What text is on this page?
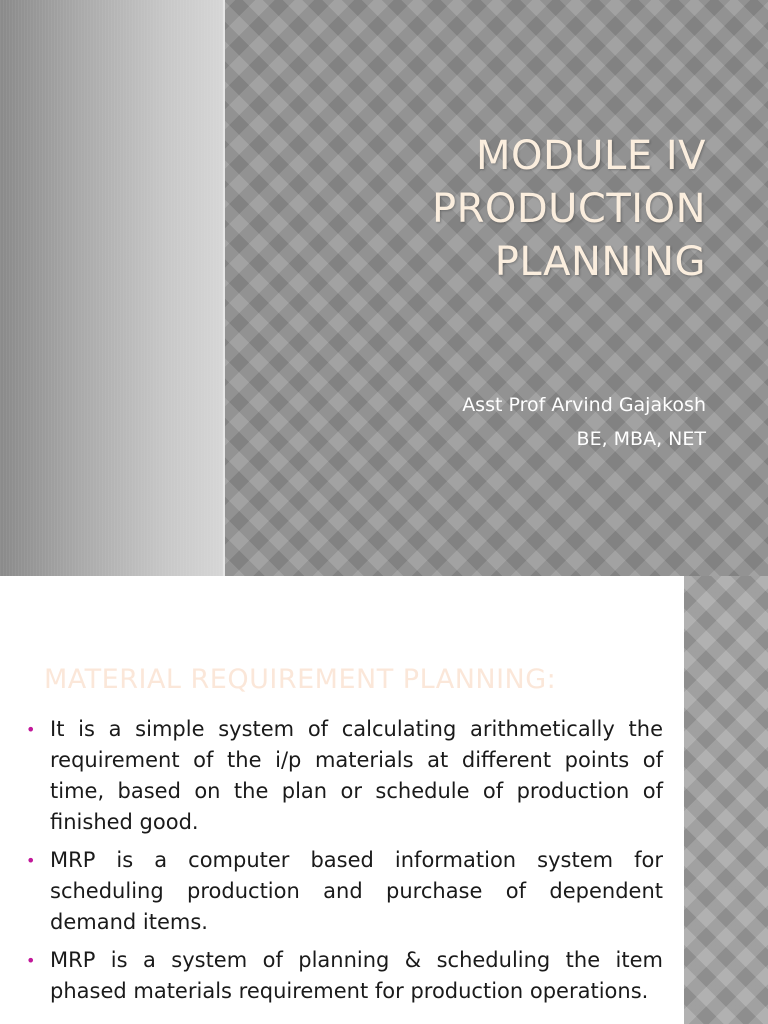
MODULE IV
PRODUCTION
PLANNING
Asst Prof Arvind Gajakosh
BE, MBA, NET
MATERIAL REQUIREMENT PLANNING:
• It is a simple system of calculating arithmetically the requirement of the i/p materials at different points of time, based on the plan or schedule of production of finished good.
• MRP is a computer based information system for scheduling production and purchase of dependent demand items.
• MRP is a system of planning & scheduling the item phased materials requirement for production operations.
